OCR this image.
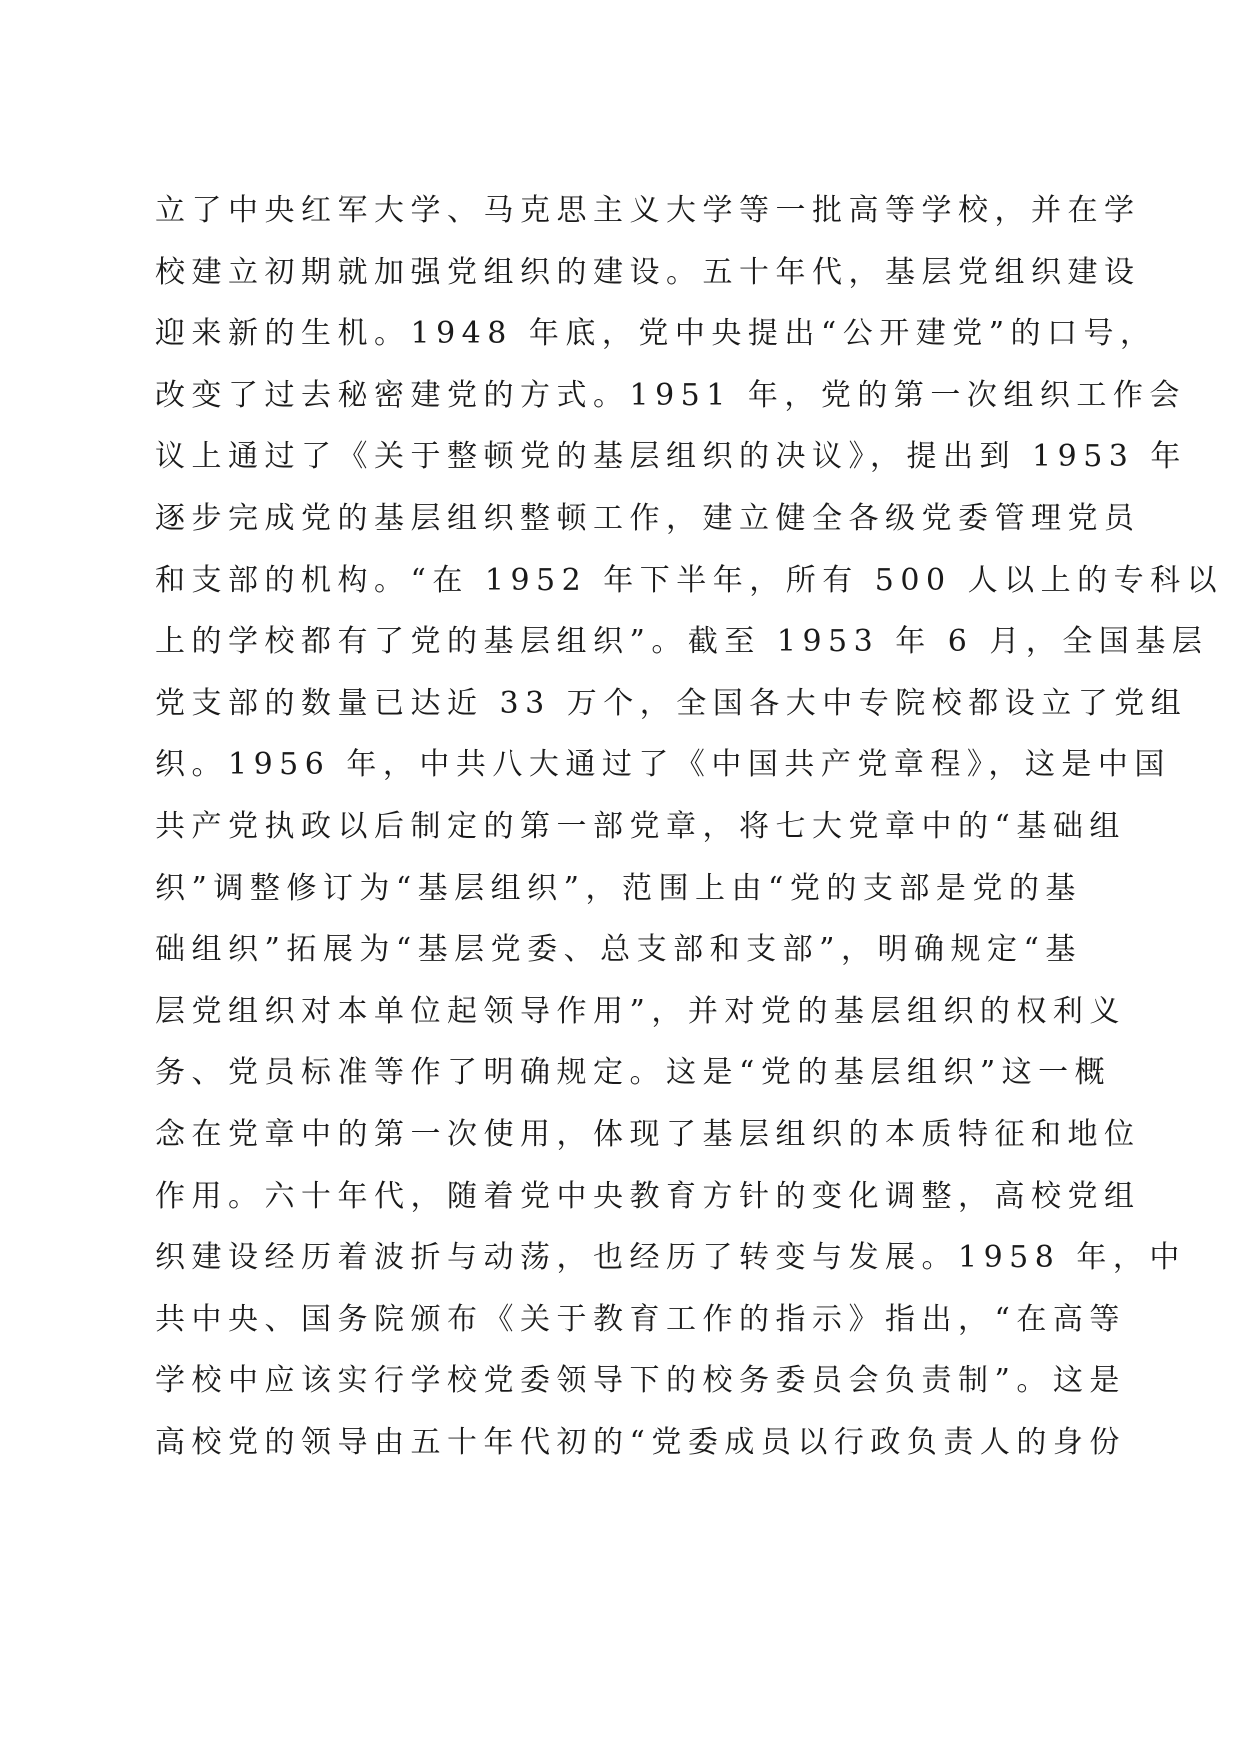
立了中央红军大学、马克思主义大学等一批高等学校，并在学
校建立初期就加强党组织的建设。五十年代，基层党组织建设
迎来新的生机。1948 年底，党中央提出“公开建党”的口号，
改变了过去秘密建党的方式。1951 年，党的第一次组织工作会
议上通过了《关于整顿党的基层组织的决议》，提出到 1953 年
逐步完成党的基层组织整顿工作，建立健全各级党委管理党员
和支部的机构。“在 1952 年下半年，所有 500 人以上的专科以
上的学校都有了党的基层组织”。截至 1953 年 6 月，全国基层
党支部的数量已达近 33 万个，全国各大中专院校都设立了党组
织。1956 年，中共八大通过了《中国共产党章程》，这是中国
共产党执政以后制定的第一部党章，将七大党章中的“基础组
织”调整修订为“基层组织”，范围上由“党的支部是党的基
础组织”拓展为“基层党委、总支部和支部”，明确规定“基
层党组织对本单位起领导作用”，并对党的基层组织的权利义
务、党员标准等作了明确规定。这是“党的基层组织”这一概
念在党章中的第一次使用，体现了基层组织的本质特征和地位
作用。六十年代，随着党中央教育方针的变化调整，高校党组
织建设经历着波折与动荡，也经历了转变与发展。1958 年，中
共中央、国务院颁布《关于教育工作的指示》指出，“在高等
学校中应该实行学校党委领导下的校务委员会负责制”。这是
高校党的领导由五十年代初的“党委成员以行政负责人的身份
